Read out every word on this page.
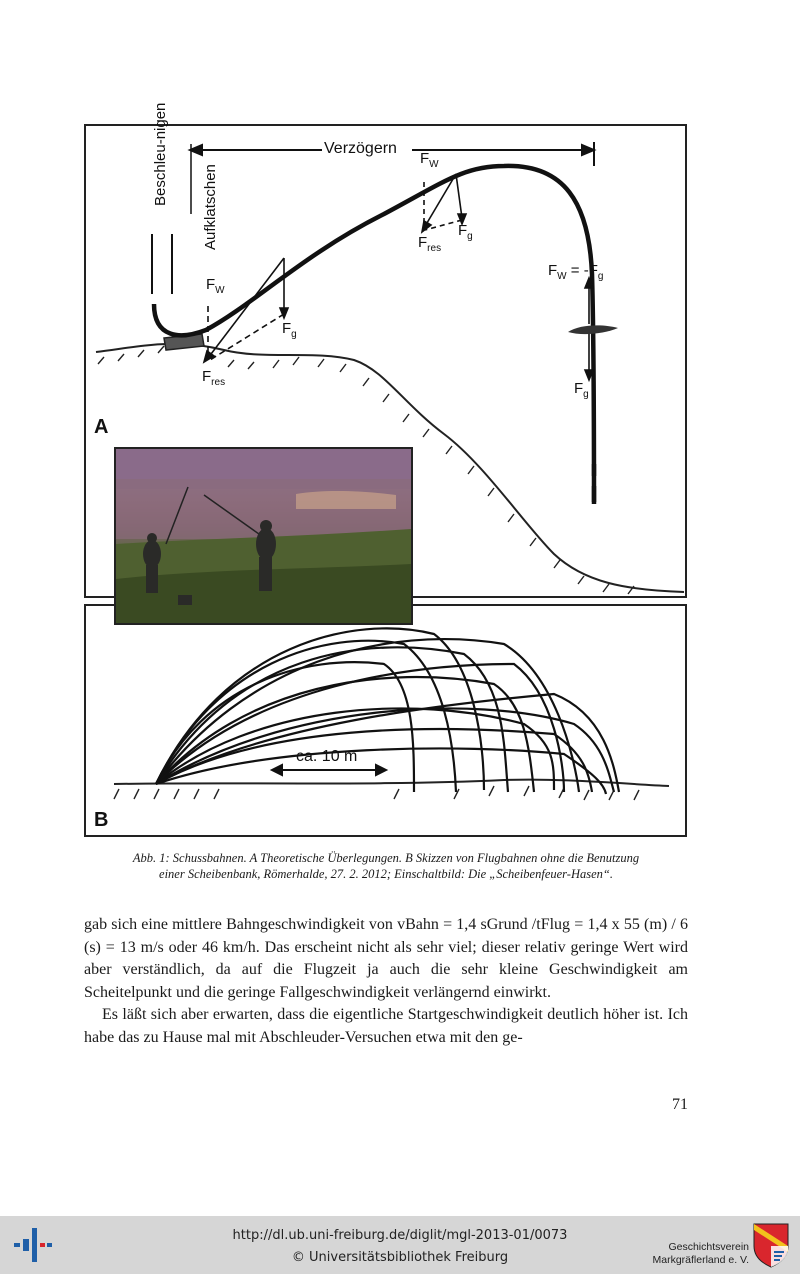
A
B
Beschleu-nigen
Aufklatschen
Verzögern
$F_W$
$F_g$
$F_{res}$
$F_W$
$F_g$
$F_{res}$
$F_W = -F_g$
$F_g$
ca. 10 m
Abb. 1: Schussbahnen. A Theoretische Überlegungen. B Skizzen von Flugbahnen ohne die Benutzung
einer Scheibenbank, Römerhalde, 27. 2. 2012; Einschaltbild: Die „Scheibenfeuer-Hasen“.

gab sich eine mittlere Bahngeschwindigkeit von vBahn = 1,4 sGrund /tFlug = 1,4 x 55 (m) / 6 (s) = 13 m/s oder 46 km/h. Das erscheint nicht als sehr viel; dieser relativ geringe Wert wird aber verständlich, da auf die Flugzeit ja auch die sehr kleine Geschwindigkeit am Scheitelpunkt und die geringe Fallgeschwindigkeit verlängernd einwirkt.

Es läßt sich aber erwarten, dass die eigentliche Startgeschwindigkeit deutlich höher ist. Ich habe das zu Hause mal mit Abschleuder-Versuchen etwa mit den ge-

71
http://dl.ub.uni-freiburg.de/diglit/mgl-2013-01/0073
© Universitätsbibliothek Freiburg
Geschichtsverein
Markgräflerland e. V.
